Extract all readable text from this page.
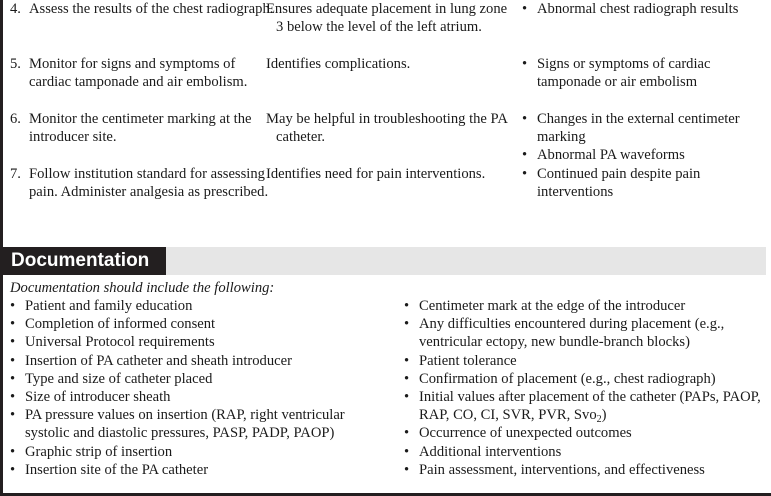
4. Assess the results of the chest radiograph.
Ensures adequate placement in lung zone 3 below the level of the left atrium.
• Abnormal chest radiograph results
5. Monitor for signs and symptoms of cardiac tamponade and air embolism.
Identifies complications.	• Signs or symptoms of cardiac tamponade or air embolism
6. Monitor the centimeter marking at the introducer site.
May be helpful in troubleshooting the PA catheter.
• Changes in the external centimeter marking
• Abnormal PA waveforms
7. Follow institution standard for assessing pain. Administer analgesia as prescribed.
Identifies need for pain interventions.	• Continued pain despite pain interventions
Documentation
Documentation should include the following:
• Patient and family education
• Completion of informed consent
• Universal Protocol requirements
• Insertion of PA catheter and sheath introducer
• Type and size of catheter placed
• Size of introducer sheath
• PA pressure values on insertion (RAP, right ventricular systolic and diastolic pressures, PASP, PADP, PAOP)
• Graphic strip of insertion
• Insertion site of the PA catheter
• Centimeter mark at the edge of the introducer
• Any difficulties encountered during placement (e.g., ventricular ectopy, new bundle-branch blocks)
• Patient tolerance
• Confirmation of placement (e.g., chest radiograph)
• Initial values after placement of the catheter (PAPs, PAOP, RAP, CO, CI, SVR, PVR, Svo$_2$)
• Occurrence of unexpected outcomes
• Additional interventions
• Pain assessment, interventions, and effectiveness
